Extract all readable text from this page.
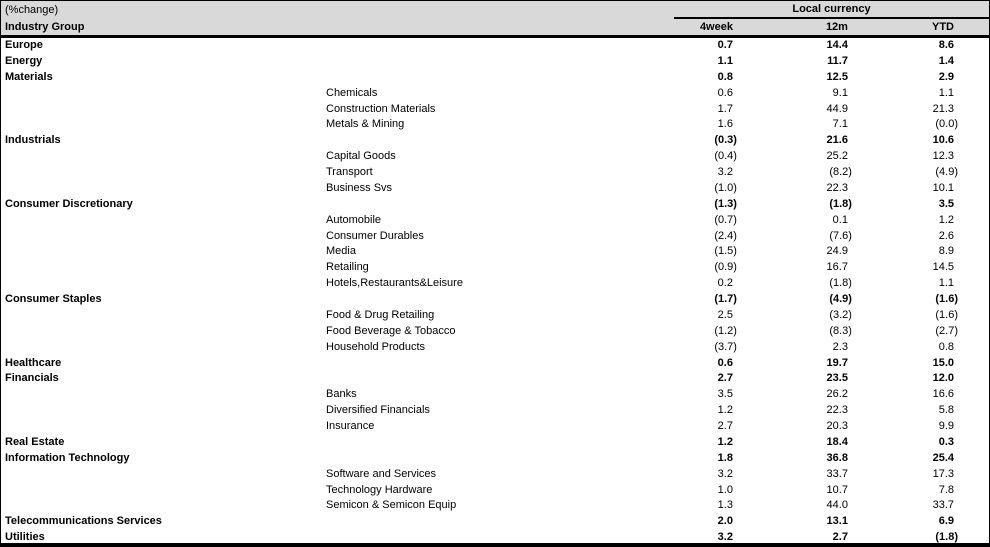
(%change)	Local currency		

Industry Group	4week	12m	YTD
Europe	0.7	14.4	8.6
Energy	1.1	11.7	1.4
Materials	0.8	12.5	2.9
Chemicals	0.6	9.1	1.1
Construction Materials	1.7	44.9	21.3
Metals & Mining	1.6	7.1	(0.0)
Industrials	(0.3)	21.6	10.6
Capital Goods	(0.4)	25.2	12.3
Transport	3.2	(8.2)	(4.9)
Business Svs	(1.0)	22.3	10.1
Consumer Discretionary	(1.3)	(1.8)	3.5
Automobile	(0.7)	0.1	1.2
Consumer Durables	(2.4)	(7.6)	2.6
Media	(1.5)	24.9	8.9
Retailing	(0.9)	16.7	14.5
Hotels,Restaurants&Leisure	0.2	(1.8)	1.1
Consumer Staples	(1.7)	(4.9)	(1.6)
Food & Drug Retailing	2.5	(3.2)	(1.6)
Food Beverage & Tobacco	(1.2)	(8.3)	(2.7)
Household Products	(3.7)	2.3	0.8
Healthcare	0.6	19.7	15.0
Financials	2.7	23.5	12.0
Banks	3.5	26.2	16.6
Diversified Financials	1.2	22.3	5.8
Insurance	2.7	20.3	9.9
Real Estate	1.2	18.4	0.3
Information Technology	1.8	36.8	25.4
Software and Services	3.2	33.7	17.3
Technology Hardware	1.0	10.7	7.8
Semicon & Semicon Equip	1.3	44.0	33.7
Telecommunications Services	2.0	13.1	6.9
Utilities	3.2	2.7	(1.8)
